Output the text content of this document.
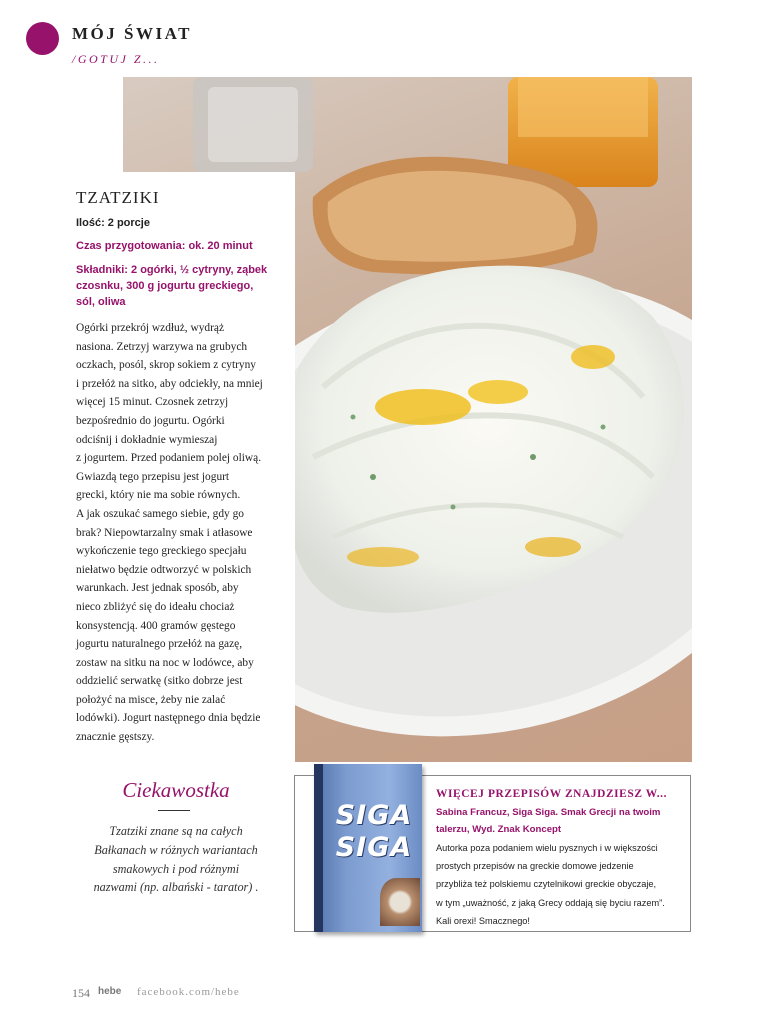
MÓJ ŚWIAT
/GOTUJ Z...
TZATZIKI
Ilość: 2 porcje
Czas przygotowania: ok. 20 minut
Składniki: 2 ogórki, ½ cytryny, ząbek
czosnku, 300 g jogurtu greckiego,
sól, oliwa
Ogórki przekrój wzdłuż, wydrąż
nasiona. Zetrzyj warzywa na grubych
oczkach, posól, skrop sokiem z cytryny
i przełóż na sitko, aby odciekły, na mniej
więcej 15 minut. Czosnek zetrzyj
bezpośrednio do jogurtu. Ogórki
odciśnij i dokładnie wymieszaj
z jogurtem. Przed podaniem polej oliwą.
Gwiazdą tego przepisu jest jogurt
grecki, który nie ma sobie równych.
A jak oszukać samego siebie, gdy go
brak? Niepowtarzalny smak i atłasowe
wykończenie tego greckiego specjału
niełatwo będzie odtworzyć w polskich
warunkach. Jest jednak sposób, aby
nieco zbliżyć się do ideału chociaż
konsystencją. 400 gramów gęstego
jogurtu naturalnego przełóż na gazę,
zostaw na sitku na noc w lodówce, aby
oddzielić serwatkę (sitko dobrze jest
położyć na misce, żeby nie zalać
lodówki). Jogurt następnego dnia będzie
znacznie gęstszy.
Ciekawostka
Tzatziki znane są na całych
Bałkanach w różnych wariantach
smakowych i pod różnymi
nazwami (np. albański - tarator) .
SIGA
SIGA
WIĘCEJ PRZEPISÓW ZNAJDZIESZ W...
Sabina Francuz, Siga Siga. Smak Grecji na twoim
talerzu, Wyd. Znak Koncept
Autorka poza podaniem wielu pysznych i w większości
prostych przepisów na greckie domowe jedzenie
przybliża też polskiemu czytelnikowi greckie obyczaje,
w tym „uważność, z jaką Grecy oddają się byciu razem”.
Kali orexi! Smacznego!
154 hebe facebook.com/hebe
